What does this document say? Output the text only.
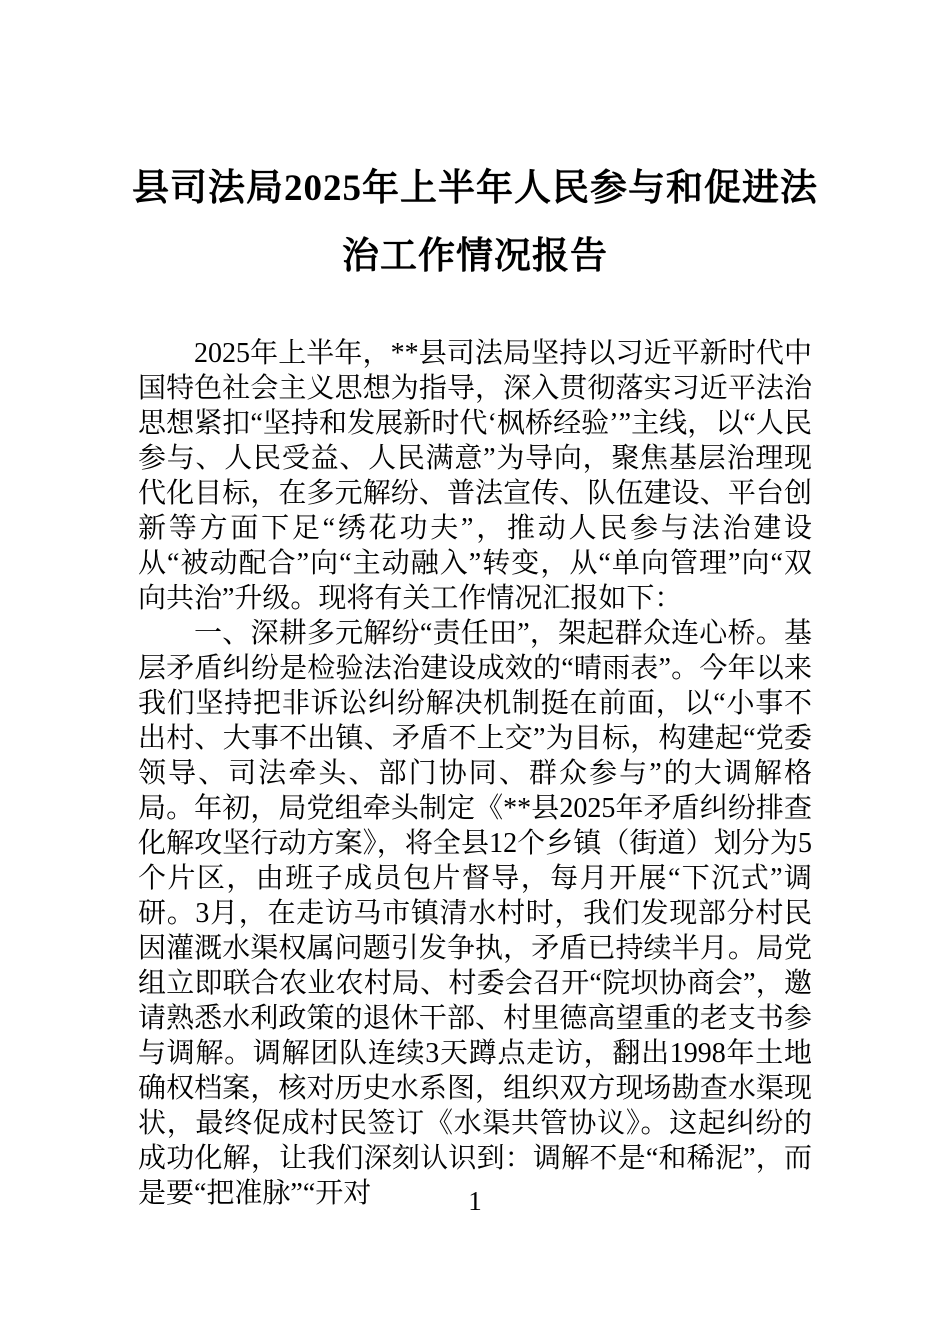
县司法局2025年上半年人民参与和促进法
治工作情况报告

2025年上半年，**县司法局坚持以习近平新时代中国特色社会主义思想为指导，深入贯彻落实习近平法治思想紧扣“坚持和发展新时代‘枫桥经验’”主线，以“人民参与、人民受益、人民满意”为导向，聚焦基层治理现代化目标，在多元解纷、普法宣传、队伍建设、平台创新等方面下足“绣花功夫”，推动人民参与法治建设从“被动配合”向“主动融入”转变，从“单向管理”向“双向共治”升级。现将有关工作情况汇报如下：

一、深耕多元解纷“责任田”，架起群众连心桥。基层矛盾纠纷是检验法治建设成效的“晴雨表”。今年以来我们坚持把非诉讼纠纷解决机制挺在前面，以“小事不出村、大事不出镇、矛盾不上交”为目标，构建起“党委领导、司法牵头、部门协同、群众参与”的大调解格局。年初，局党组牵头制定《**县2025年矛盾纠纷排查化解攻坚行动方案》，将全县12个乡镇（街道）划分为5个片区，由班子成员包片督导，每月开展“下沉式”调研。3月，在走访马市镇清水村时，我们发现部分村民因灌溉水渠权属问题引发争执，矛盾已持续半月。局党组立即联合农业农村局、村委会召开“院坝协商会”，邀请熟悉水利政策的退休干部、村里德高望重的老支书参与调解。调解团队连续3天蹲点走访，翻出1998年土地确权档案，核对历史水系图，组织双方现场勘查水渠现状，最终促成村民签订《水渠共管协议》。这起纠纷的成功化解，让我们深刻认识到：调解不是“和稀泥”，而是要“把准脉”“开对	1
